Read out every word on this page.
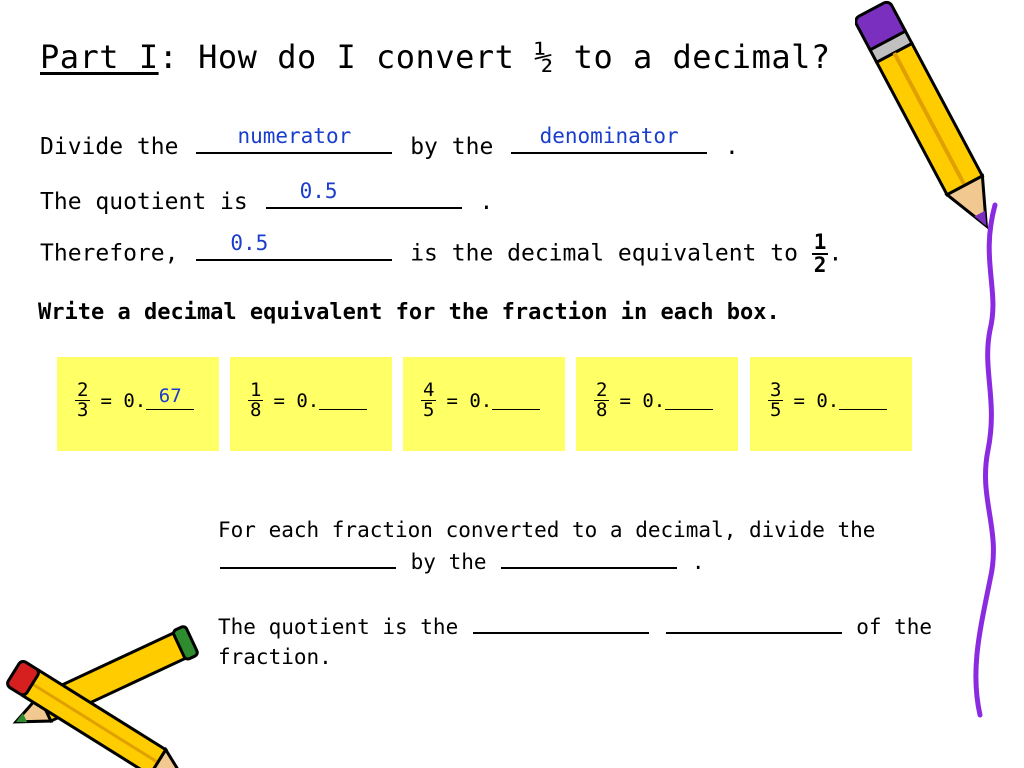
Part I: How do I convert ½ to a decimal?
Divide the	numerator	by the	denominator	.
The quotient is	0.5	.
Therefore,	0.5	is the decimal equivalent to $\frac{1}{2}$ .
Write a decimal equivalent for the fraction in each box.
$\frac{2}{3} = 0$. 67	$\frac{1}{8} = 0$.	$\frac{4}{5} = 0$.	$\frac{2}{8} = 0$.	$\frac{3}{5} = 0$.
For each fraction converted to a decimal, divide the
by the	.
The quotient is the	of the
fraction.
